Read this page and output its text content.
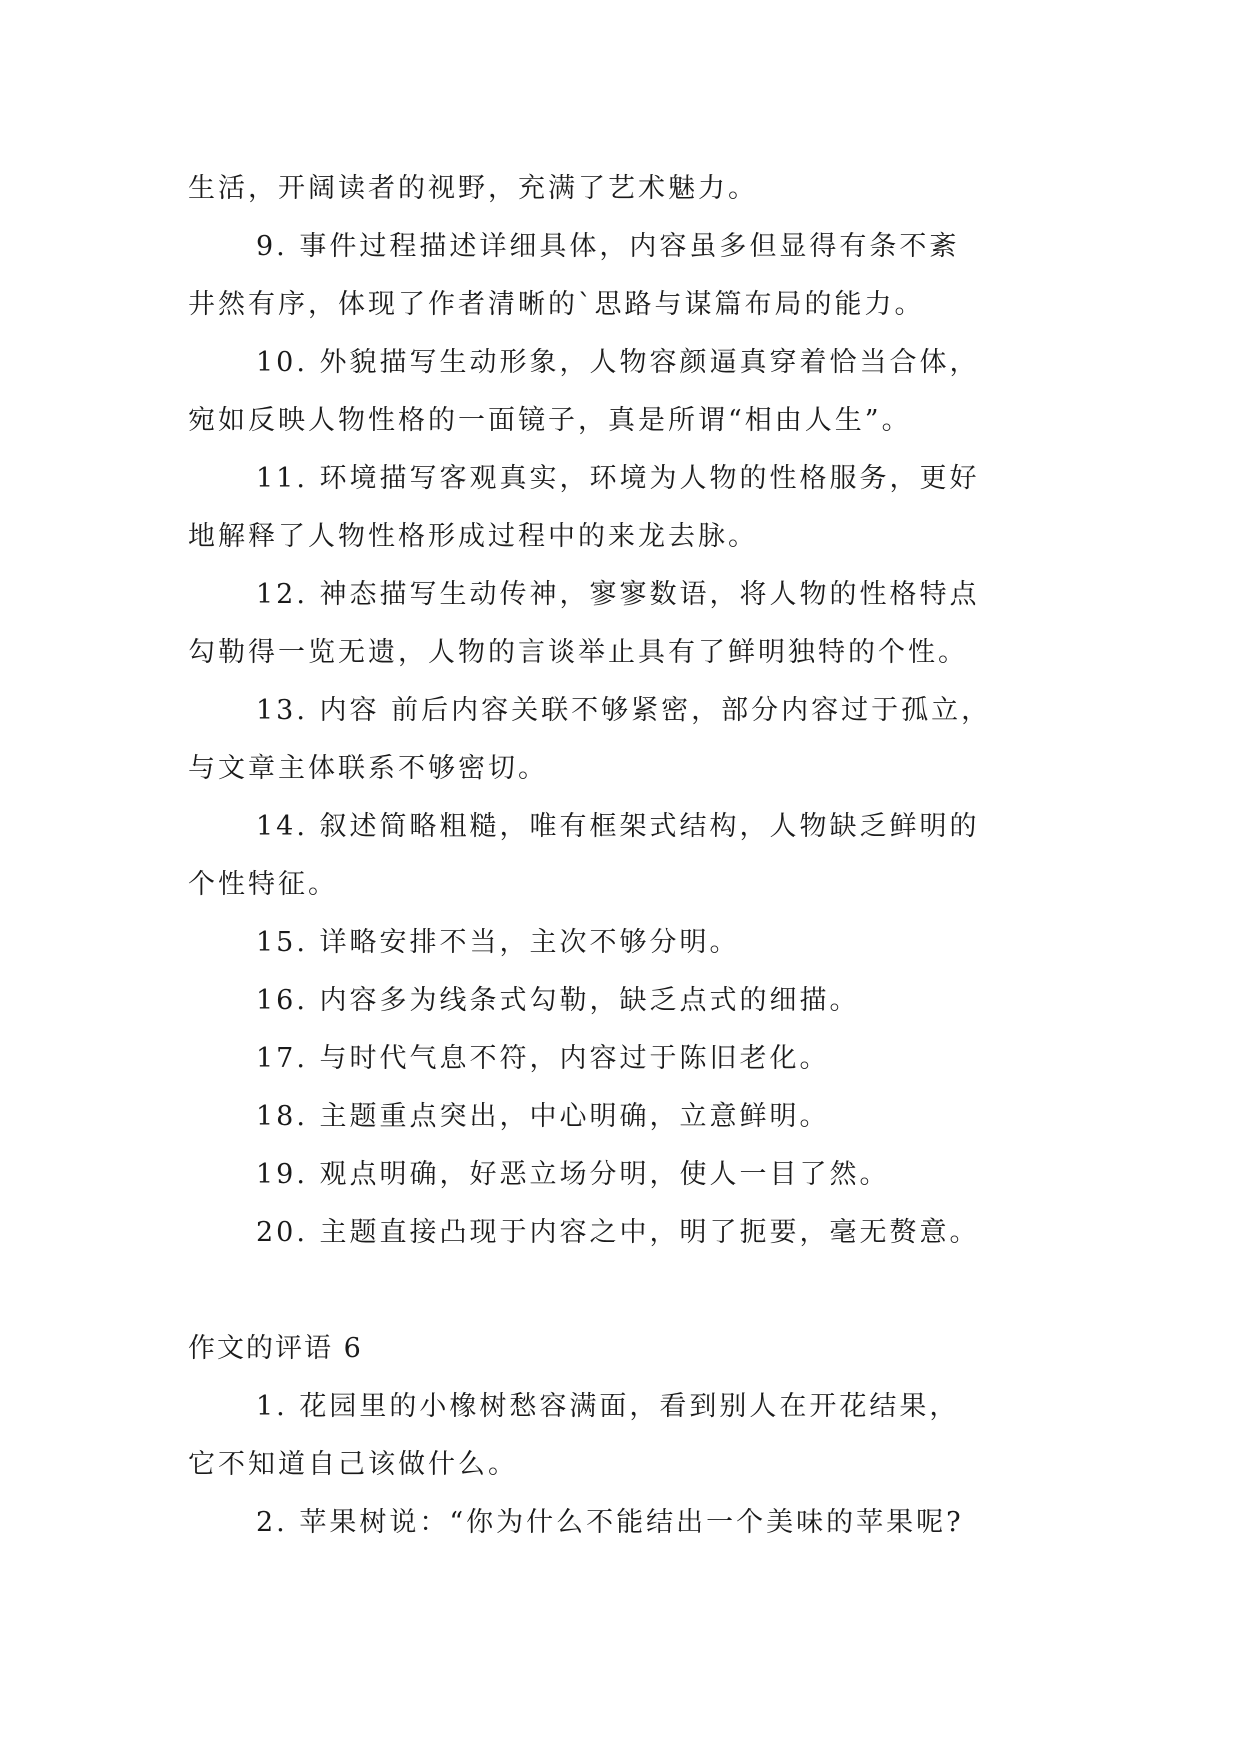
生活，开阔读者的视野，充满了艺术魅力。

9. 事件过程描述详细具体，内容虽多但显得有条不紊

井然有序，体现了作者清晰的`思路与谋篇布局的能力。

10. 外貌描写生动形象，人物容颜逼真穿着恰当合体，

宛如反映人物性格的一面镜子，真是所谓“相由人生”。

11. 环境描写客观真实，环境为人物的性格服务，更好

地解释了人物性格形成过程中的来龙去脉。

12. 神态描写生动传神，寥寥数语，将人物的性格特点

勾勒得一览无遗，人物的言谈举止具有了鲜明独特的个性。

13. 内容 前后内容关联不够紧密，部分内容过于孤立，

与文章主体联系不够密切。

14. 叙述简略粗糙，唯有框架式结构，人物缺乏鲜明的

个性特征。

15. 详略安排不当，主次不够分明。

16. 内容多为线条式勾勒，缺乏点式的细描。

17. 与时代气息不符，内容过于陈旧老化。

18. 主题重点突出，中心明确，立意鲜明。

19. 观点明确，好恶立场分明，使人一目了然。

20. 主题直接凸现于内容之中，明了扼要，毫无赘意。

作文的评语 6

1. 花园里的小橡树愁容满面，看到别人在开花结果，

它不知道自己该做什么。

2. 苹果树说：“你为什么不能结出一个美味的苹果呢?
